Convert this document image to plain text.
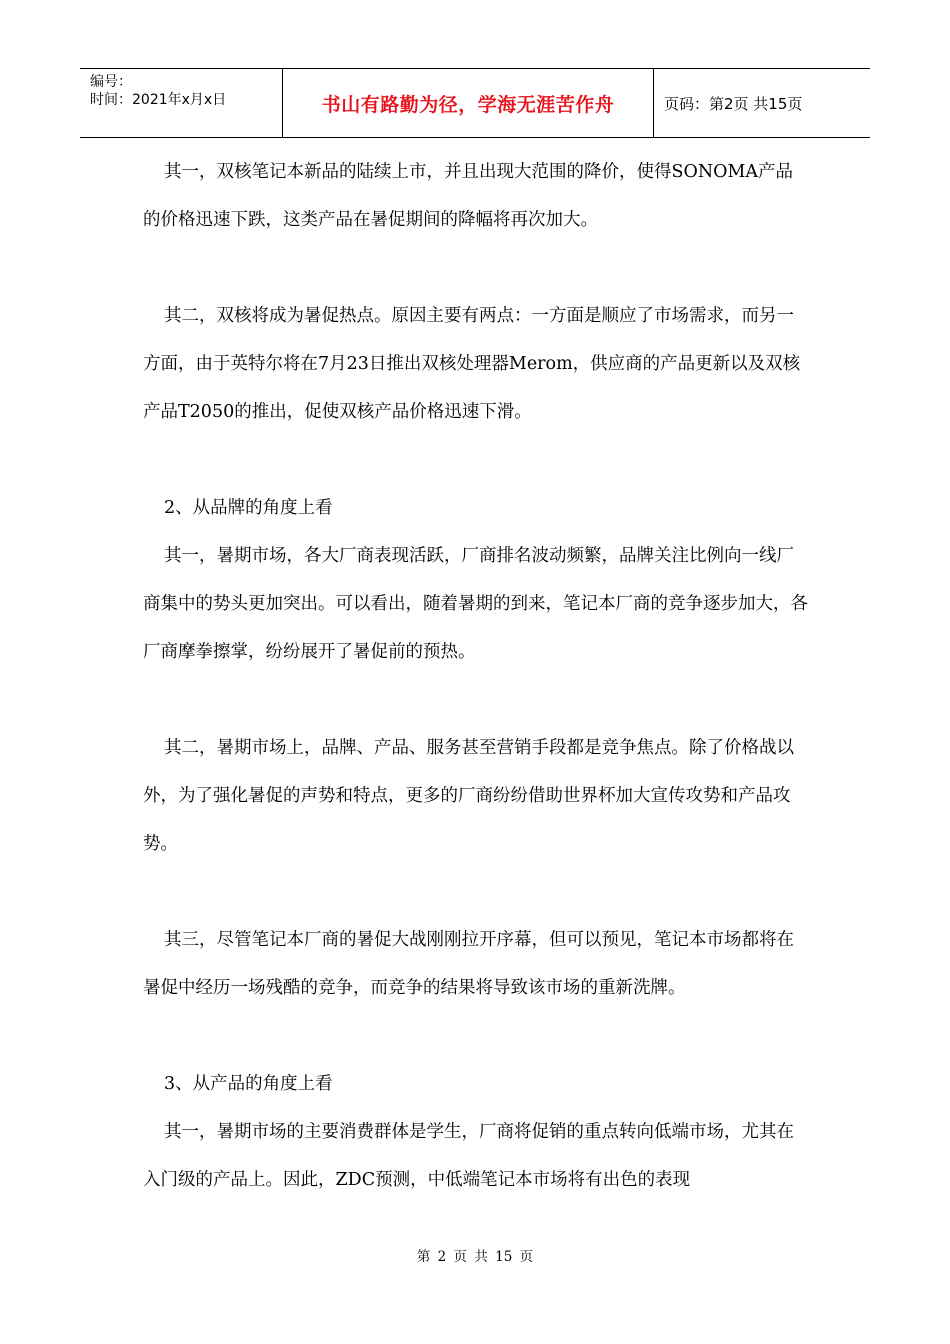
编号：
时间：2021年x月x日	书山有路勤为径，学海无涯苦作舟	页码：第2页 共15页

其一，双核笔记本新品的陆续上市，并且出现大范围的降价，使得SONOMA产品的价格迅速下跌，这类产品在暑促期间的降幅将再次加大。

其二，双核将成为暑促热点。原因主要有两点：一方面是顺应了市场需求，而另一方面，由于英特尔将在7月23日推出双核处理器Merom，供应商的产品更新以及双核产品T2050的推出，促使双核产品价格迅速下滑。

2、从品牌的角度上看

其一，暑期市场，各大厂商表现活跃，厂商排名波动频繁，品牌关注比例向一线厂商集中的势头更加突出。可以看出，随着暑期的到来，笔记本厂商的竞争逐步加大，各厂商摩拳擦掌，纷纷展开了暑促前的预热。

其二，暑期市场上，品牌、产品、服务甚至营销手段都是竞争焦点。除了价格战以外，为了强化暑促的声势和特点，更多的厂商纷纷借助世界杯加大宣传攻势和产品攻势。

其三，尽管笔记本厂商的暑促大战刚刚拉开序幕，但可以预见，笔记本市场都将在暑促中经历一场残酷的竞争，而竞争的结果将导致该市场的重新洗牌。

3、从产品的角度上看

其一，暑期市场的主要消费群体是学生，厂商将促销的重点转向低端市场，尤其在入门级的产品上。因此，ZDC预测，中低端笔记本市场将有出色的表现

第 2 页 共 15 页
